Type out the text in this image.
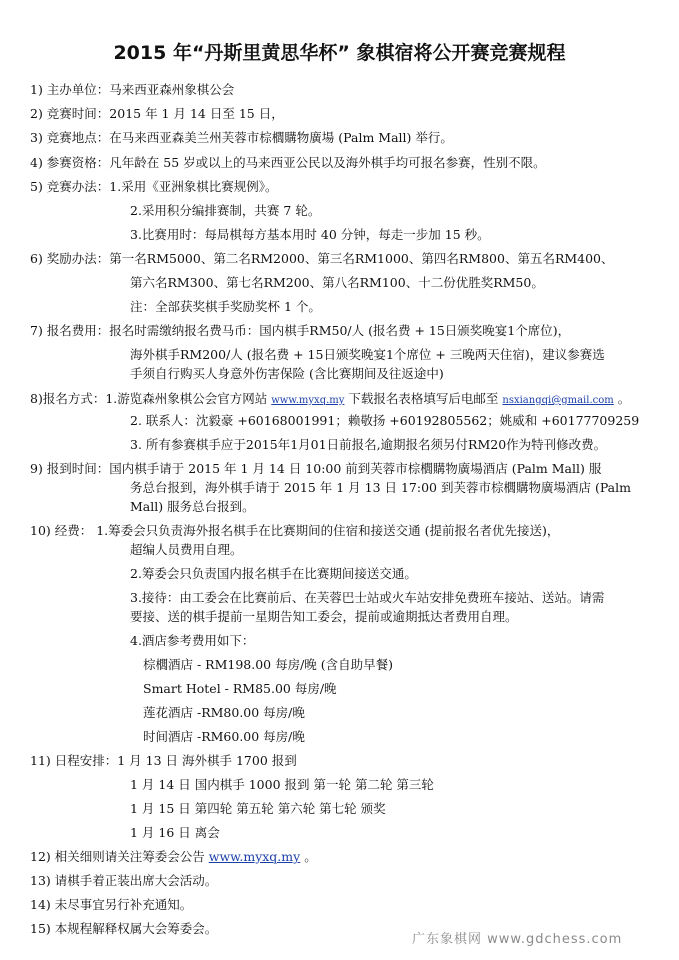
2015 年“丹斯里黄思华杯” 象棋宿将公开赛竞赛规程
1) 主办单位：马来西亚森州象棋公会
2) 竞赛时间：2015 年 1 月 14 日至 15 日，
3) 竞赛地点：在马来西亚森美兰州芙蓉市棕櫚購物廣場 (Palm Mall) 举行。
4) 参赛资格：凡年龄在 55 岁或以上的马来西亚公民以及海外棋手均可报名参赛，性别不限。
5) 竞赛办法：1.采用《亚洲象棋比赛规例》。
2.采用积分编排赛制，共赛 7 轮。
3.比赛用时：每局棋每方基本用时 40 分钟，每走一步加 15 秒。
6) 奖励办法：第一名RM5000、第二名RM2000、第三名RM1000、第四名RM800、第五名RM400、
第六名RM300、第七名RM200、第八名RM100、十二份优胜奖RM50。
注：全部获奖棋手奖励奖杯 1 个。
7) 报名费用：报名时需缴纳报名费马币：国内棋手RM50/人 (报名费 + 15日颁奖晚宴1个席位)，
海外棋手RM200/人 (报名费 + 15日颁奖晚宴1个席位 + 三晚两天住宿)，建议参赛选
手须自行购买人身意外伤害保险 (含比赛期间及往返途中)
8)报名方式：1.游览森州象棋公会官方网站 www.myxq.my 下载报名表格填写后电邮至 nsxiangqi@gmail.com 。
2. 联系人：沈毅豪 +60168001991；赖敬扬 +60192805562；姚威和 +60177709259
3. 所有参赛棋手应于2015年1月01日前报名,逾期报名须另付RM20作为特刊修改费。
9) 报到时间：国内棋手请于 2015 年 1 月 14 日 10:00 前到芙蓉市棕櫚購物廣場酒店 (Palm Mall) 服
务总台报到，海外棋手请于 2015 年 1 月 13 日 17:00 到芙蓉市棕櫚購物廣場酒店 (Palm
Mall) 服务总台报到。
10) 经费： 1.筹委会只负责海外报名棋手在比赛期间的住宿和接送交通 (提前报名者优先接送)，
超编人员费用自理。
2.筹委会只负责国内报名棋手在比赛期间接送交通。
3.接待：由工委会在比赛前后、在芙蓉巴士站或火车站安排免费班车接站、送站。请需
要接、送的棋手提前一星期告知工委会，提前或逾期抵达者费用自理。
4.酒店参考费用如下：
棕櫚酒店 - RM198.00 每房/晚 (含自助早餐)
Smart Hotel - RM85.00 每房/晚
莲花酒店 -RM80.00 每房/晚
时间酒店 -RM60.00 每房/晚
11) 日程安排：1 月 13 日 海外棋手 1700 报到
1 月 14 日 国内棋手 1000 报到 第一轮 第二轮 第三轮
1 月 15 日 第四轮 第五轮 第六轮 第七轮 颁奖
1 月 16 日 离会
12) 相关细则请关注筹委会公告 www.myxq.my 。
13) 请棋手着正装出席大会活动。
14) 未尽事宜另行补充通知。
15) 本规程解释权属大会筹委会。
广东象棋网 www.gdchess.com
